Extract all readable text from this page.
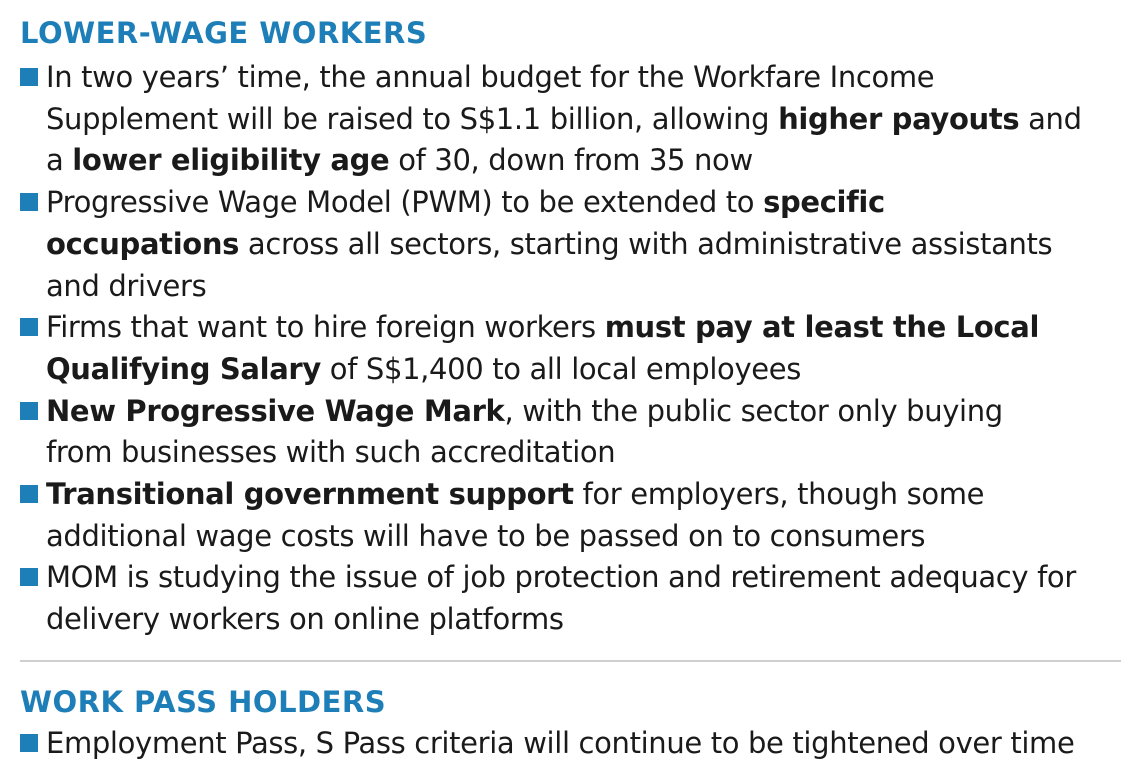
LOWER-WAGE WORKERS
In two years’ time, the annual budget for the Workfare Income
Supplement will be raised to S$1.1 billion, allowing higher payouts and
a lower eligibility age of 30, down from 35 now
Progressive Wage Model (PWM) to be extended to specific
occupations across all sectors, starting with administrative assistants
and drivers
Firms that want to hire foreign workers must pay at least the Local
Qualifying Salary of S$1,400 to all local employees
New Progressive Wage Mark, with the public sector only buying
from businesses with such accreditation
Transitional government support for employers, though some
additional wage costs will have to be passed on to consumers
MOM is studying the issue of job protection and retirement adequacy for
delivery workers on online platforms
WORK PASS HOLDERS
Employment Pass, S Pass criteria will continue to be tightened over time
